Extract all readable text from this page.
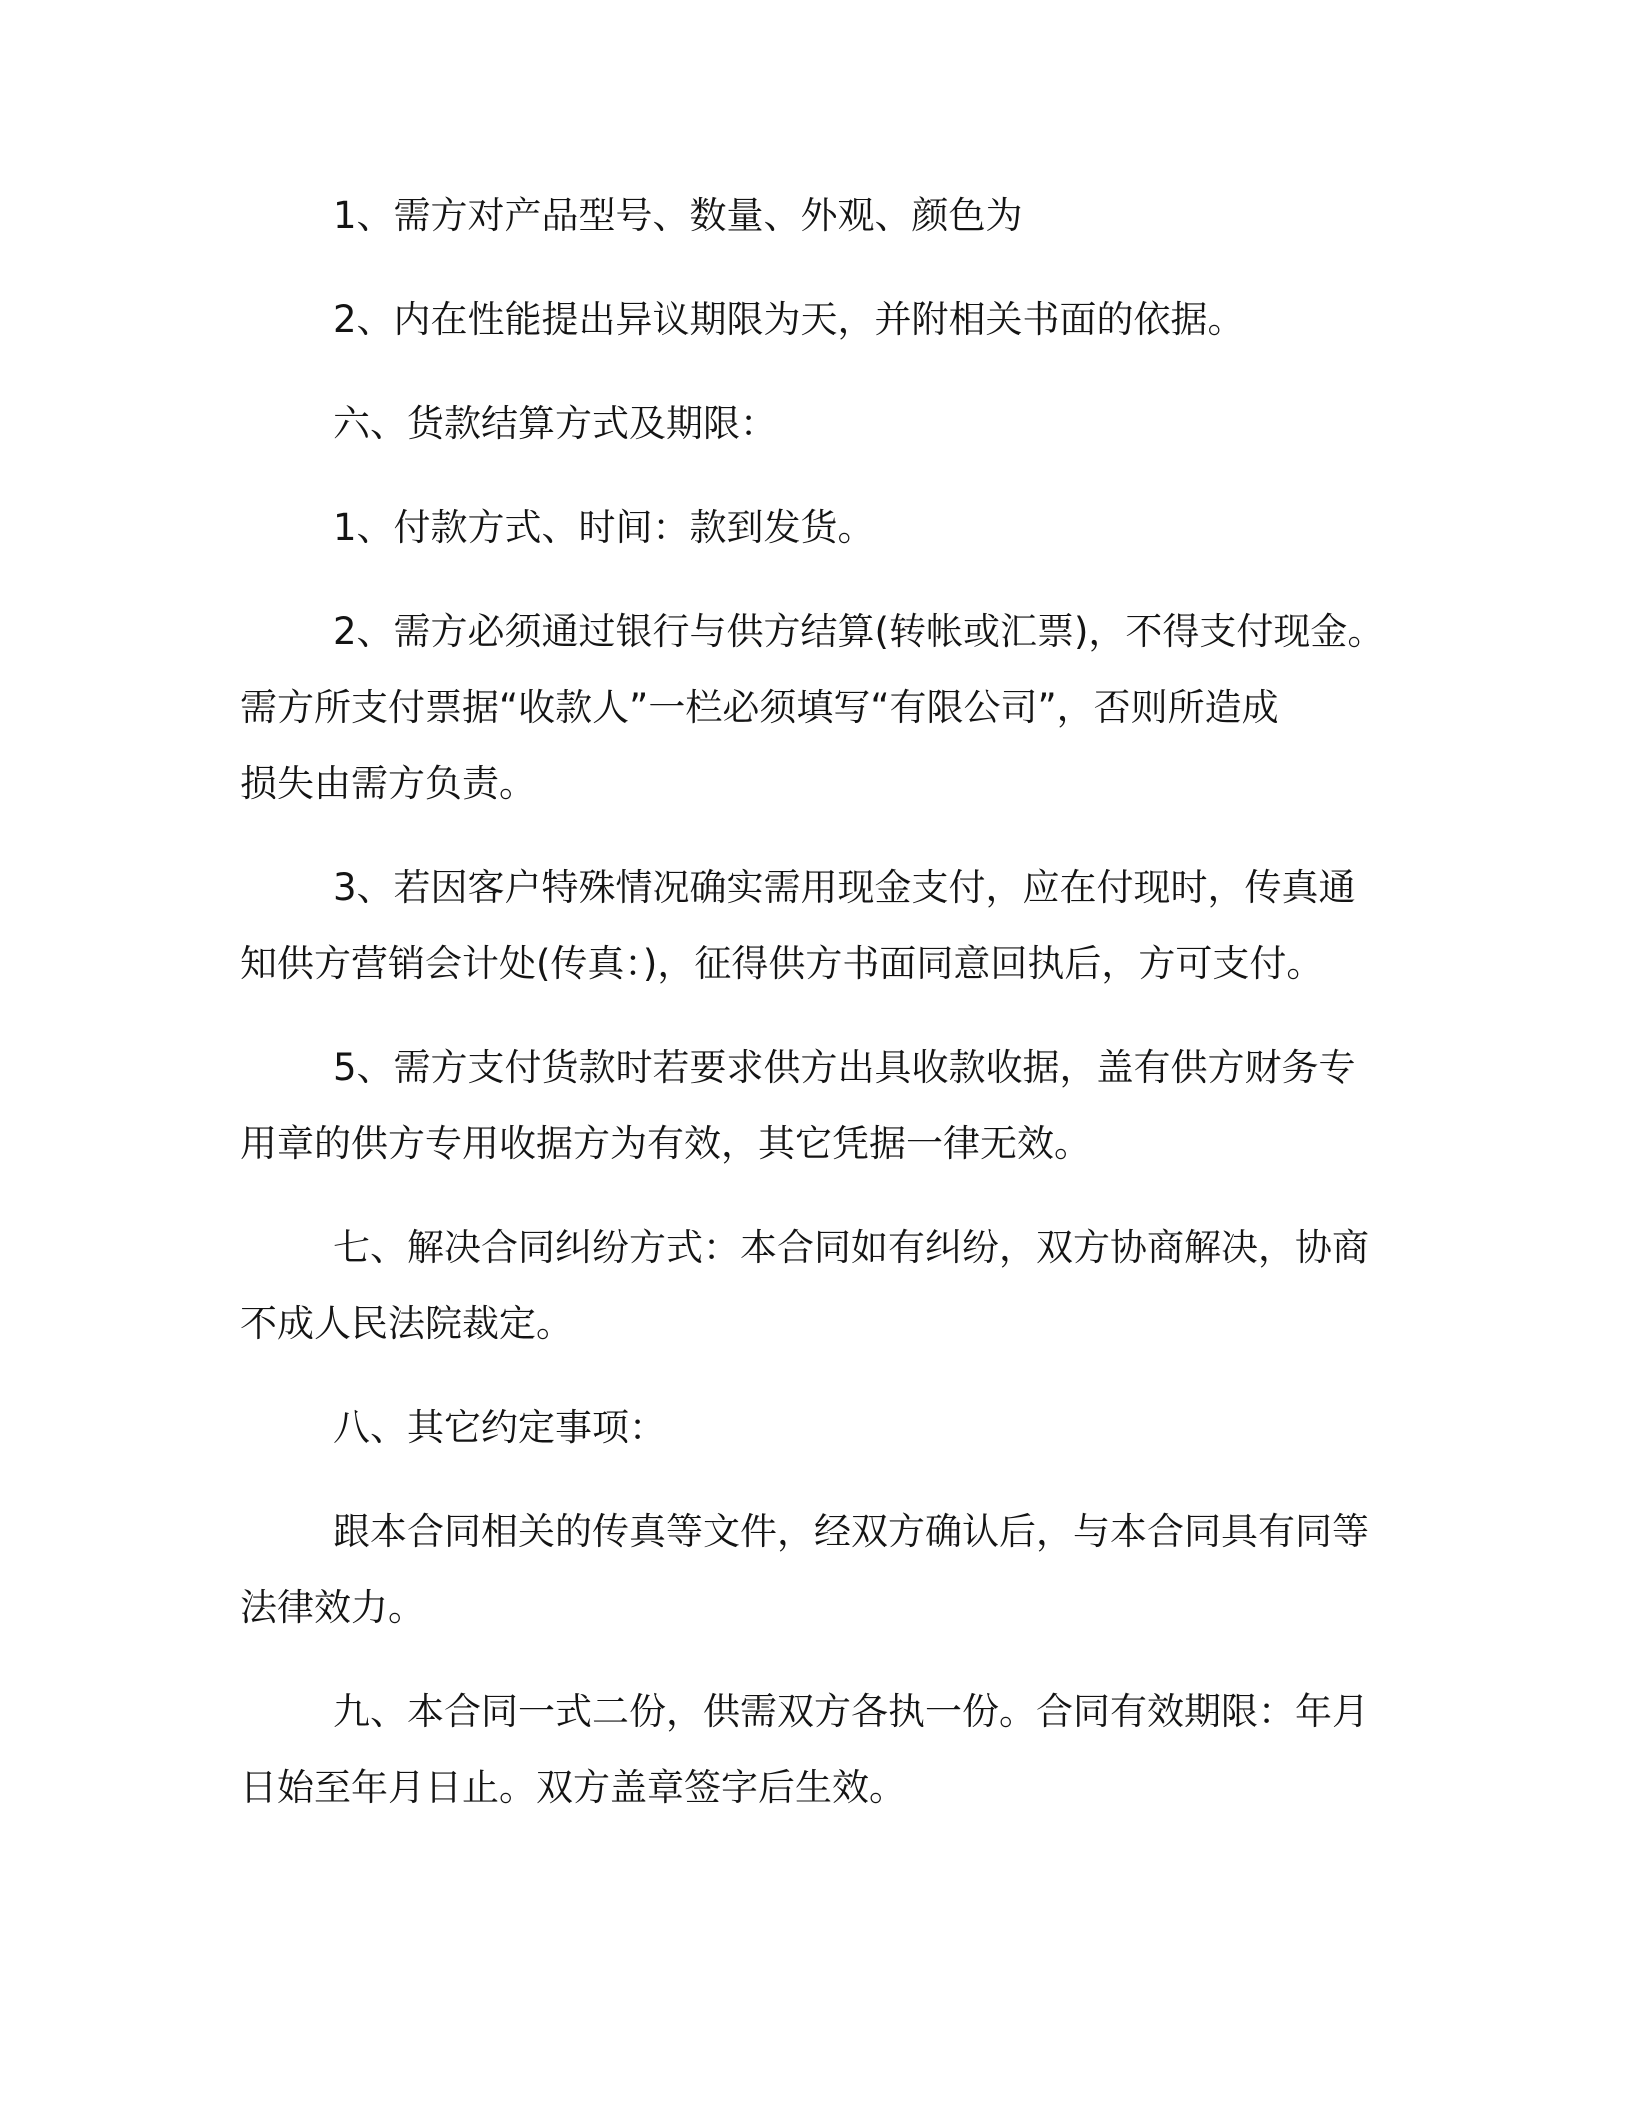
1、需方对产品型号、数量、外观、颜色为
2、内在性能提出异议期限为天，并附相关书面的依据。
六、货款结算方式及期限：
1、付款方式、时间：款到发货。
2、需方必须通过银行与供方结算(转帐或汇票)，不得支付现金。
需方所支付票据“收款人”一栏必须填写“有限公司”，否则所造成
损失由需方负责。
3、若因客户特殊情况确实需用现金支付，应在付现时，传真通
知供方营销会计处(传真：)，征得供方书面同意回执后，方可支付。
5、需方支付货款时若要求供方出具收款收据，盖有供方财务专
用章的供方专用收据方为有效，其它凭据一律无效。
七、解决合同纠纷方式：本合同如有纠纷，双方协商解决，协商
不成人民法院裁定。
八、其它约定事项：
跟本合同相关的传真等文件，经双方确认后，与本合同具有同等
法律效力。
九、本合同一式二份，供需双方各执一份。合同有效期限：年月
日始至年月日止。双方盖章签字后生效。
